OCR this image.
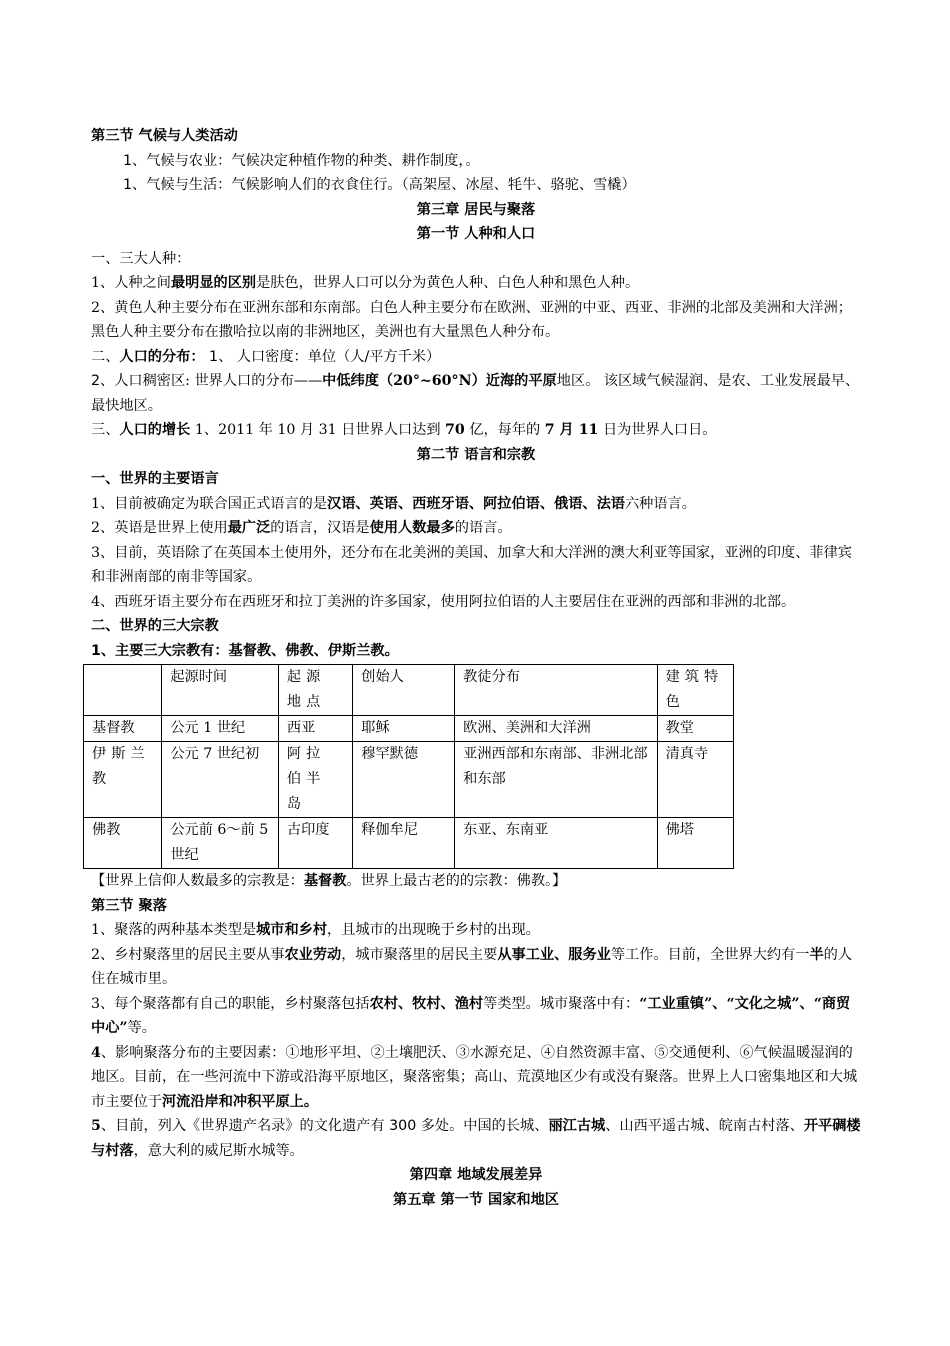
第三节 气候与人类活动
1、气候与农业：气候决定种植作物的种类、耕作制度，。
1、气候与生活：气候影响人们的衣食住行。（高架屋、冰屋、牦牛、骆驼、雪橇）
第三章 居民与聚落
第一节 人种和人口
一、三大人种：
1、人种之间最明显的区别是肤色，世界人口可以分为黄色人种、白色人种和黑色人种。
2、黄色人种主要分布在亚洲东部和东南部。白色人种主要分布在欧洲、亚洲的中亚、西亚、非洲的北部及美洲和大洋洲；黑色人种主要分布在撒哈拉以南的非洲地区，美洲也有大量黑色人种分布。
二、人口的分布： 1、 人口密度：单位（人/平方千米）
2、人口稠密区: 世界人口的分布——中低纬度（20°~60°N）近海的平原地区。 该区域气候湿润、是农、工业发展最早、最快地区。
三、人口的增长 1、2011 年 10 月 31 日世界人口达到 70 亿，每年的 7 月 11 日为世界人口日。
第二节 语言和宗教
一、世界的主要语言
1、目前被确定为联合国正式语言的是汉语、英语、西班牙语、阿拉伯语、俄语、法语六种语言。
2、英语是世界上使用最广泛的语言，汉语是使用人数最多的语言。
3、目前，英语除了在英国本土使用外，还分布在北美洲的美国、加拿大和大洋洲的澳大利亚等国家，亚洲的印度、菲律宾和非洲南部的南非等国家。
4、西班牙语主要分布在西班牙和拉丁美洲的许多国家，使用阿拉伯语的人主要居住在亚洲的西部和非洲的北部。
二、世界的三大宗教
1、主要三大宗教有：基督教、佛教、伊斯兰教。
	起源时间	起源地点	创始人	教徒分布	建筑特色
基督教	公元 1 世纪	西亚	耶稣	欧洲、美洲和大洋洲	教堂
伊斯兰教	公元 7 世纪初	阿拉伯半岛	穆罕默德	亚洲西部和东南部、非洲北部和东部	清真寺
佛教	公元前 6～前 5 世纪	古印度	释伽牟尼	东亚、东南亚	佛塔
【世界上信仰人数最多的宗教是：基督教。世界上最古老的的宗教：佛教。】
第三节 聚落
1、聚落的两种基本类型是城市和乡村，且城市的出现晚于乡村的出现。
2、乡村聚落里的居民主要从事农业劳动，城市聚落里的居民主要从事工业、服务业等工作。目前，全世界大约有一半的人住在城市里。
3、每个聚落都有自己的职能，乡村聚落包括农村、牧村、渔村等类型。城市聚落中有：“工业重镇”、“文化之城”、“商贸中心”等。
4、影响聚落分布的主要因素：①地形平坦、②土壤肥沃、③水源充足、④自然资源丰富、⑤交通便利、⑥气候温暖湿润的地区。目前，在一些河流中下游或沿海平原地区，聚落密集；高山、荒漠地区少有或没有聚落。世界上人口密集地区和大城市主要位于河流沿岸和冲积平原上。
5、目前，列入《世界遗产名录》的文化遗产有 300 多处。中国的长城、丽江古城、山西平遥古城、皖南古村落、开平碉楼与村落，意大利的威尼斯水城等。
第四章 地域发展差异
第五章 第一节 国家和地区
